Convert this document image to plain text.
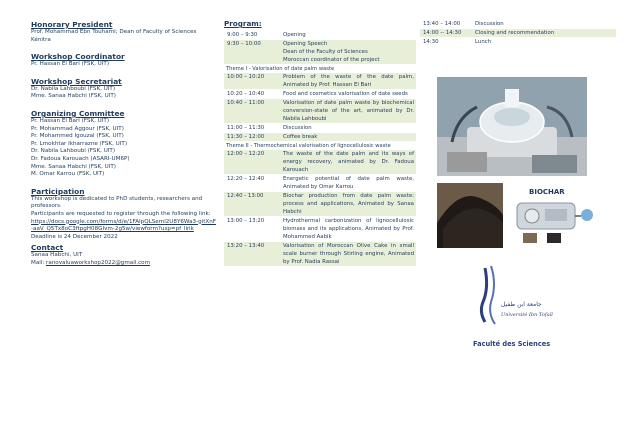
Honorary President
Prof. Mohammad Ebn Touhami; Dean of Faculty of Sciences Kénitra
Workshop Coordinator
Pr. Hassan El Bari (FSK, UIT)
Workshop Secretariat
Dr. Nabila Lahboubi (FSK, UIT)
Mme. Sanaa Habchi (FSK, UIT)
Organizing Committee
Pr. Hassan El Bari (FSK, UIT)
Pr. Mohammad Aggour (FSK, UIT)
Pr. Mohammed Igouzal (FSK, UIT)
Pr. Lmokhtar Ikharrazne (FSK, UIT)
Dr. Nabila Lahboubi (FSK, UIT)
Dr. Fadoua Karouach (ASARI-UM6P)
Mme. Sanaa Habchi (FSK, UIT)
M. Omar Karrou (FSK, UIT)
Participation
This workshop is dedicated to PhD students, researchers and professors.
Participants are requested to register through the following link:
https://docs.google.com/forms/d/e/1FAIpQLSeml2U8Y6Wa3-gitXnF-aaV_Q5Tx8oC3ftpgH08GIvm-2g5w/viewform?usp=pf_link
Deadline is 24 December 2022
Contact
Sanaa Habchi, UIT
Mail: ranovaluaworkshop2022@gmail.com
Program:
9:00 – 9:30	Opening
9:30 – 10:00	Opening Speech
Dean of the Faculty of Sciences
Moroccan coordinator of the project
Theme I - Valorisation of date palm waste
10:00 – 10:20	Problem of the waste of the date palm, Animated by Prof. Hassan El Bari
10:20 – 10:40	Food and cosmetics valorisation of date seeds
10:40 – 11:00	Valorisation of date palm waste by biochemical conversion-state of the art, animated by Dr. Nabila Lahboubi
11:00 – 11:30	Discussion
11:30 – 12:00	Coffee break
Theme II - Thermochemical valorisation of lignocellulosic waste
12:00 – 12:20	The waste of the date palm and its ways of energy recovery, animated by Dr. Fadoua Karouach
12:20 – 12:40	Energetic potential of date palm waste, Animated by Omar Karrou
12:40 - 13:00	Biochar production from date palm waste: process and applications, Animated by Sanaa Habchi
13:00 – 13:20	Hydrothermal carbonization of lignocellulosic biomass and its applications, Animated by Prof. Mohammed Aabik
13:20 – 13:40	Valorisation of Moroccan Olive Cake in small scale burner through Stirling engine, Animated by Prof. Nadia Rassai
13:40 – 14:00	Discussion
14:00 -- 14:30	Closing and recommendation
14:30	Lunch
BIOCHAR
جامعة ابن طفيل
Université Ibn Tofaïl
Faculté des Sciences
